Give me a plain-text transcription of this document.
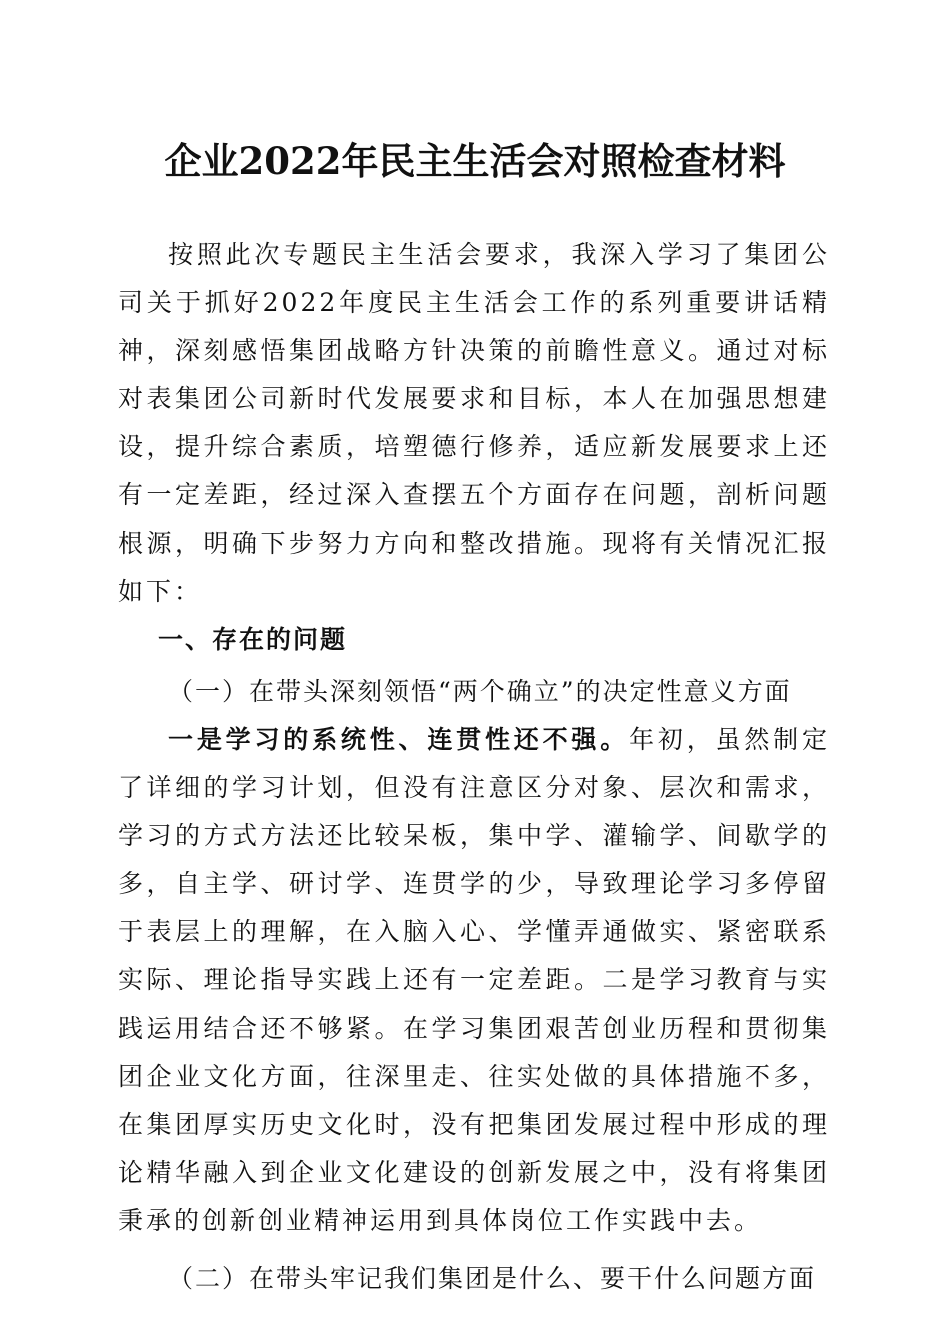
企业2022年民主生活会对照检查材料

按照此次专题民主生活会要求，我深入学习了集团公司关于抓好2022年度民主生活会工作的系列重要讲话精神，深刻感悟集团战略方针决策的前瞻性意义。通过对标对表集团公司新时代发展要求和目标，本人在加强思想建设，提升综合素质，培塑德行修养，适应新发展要求上还有一定差距，经过深入查摆五个方面存在问题，剖析问题根源，明确下步努力方向和整改措施。现将有关情况汇报如下：

一、存在的问题

（一）在带头深刻领悟“两个确立”的决定性意义方面

一是学习的系统性、连贯性还不强。年初，虽然制定了详细的学习计划，但没有注意区分对象、层次和需求，学习的方式方法还比较呆板，集中学、灌输学、间歇学的多，自主学、研讨学、连贯学的少，导致理论学习多停留于表层上的理解，在入脑入心、学懂弄通做实、紧密联系实际、理论指导实践上还有一定差距。二是学习教育与实践运用结合还不够紧。在学习集团艰苦创业历程和贯彻集团企业文化方面，往深里走、往实处做的具体措施不多，在集团厚实历史文化时，没有把集团发展过程中形成的理论精华融入到企业文化建设的创新发展之中，没有将集团秉承的创新创业精神运用到具体岗位工作实践中去。

（二）在带头牢记我们集团是什么、要干什么问题方面
